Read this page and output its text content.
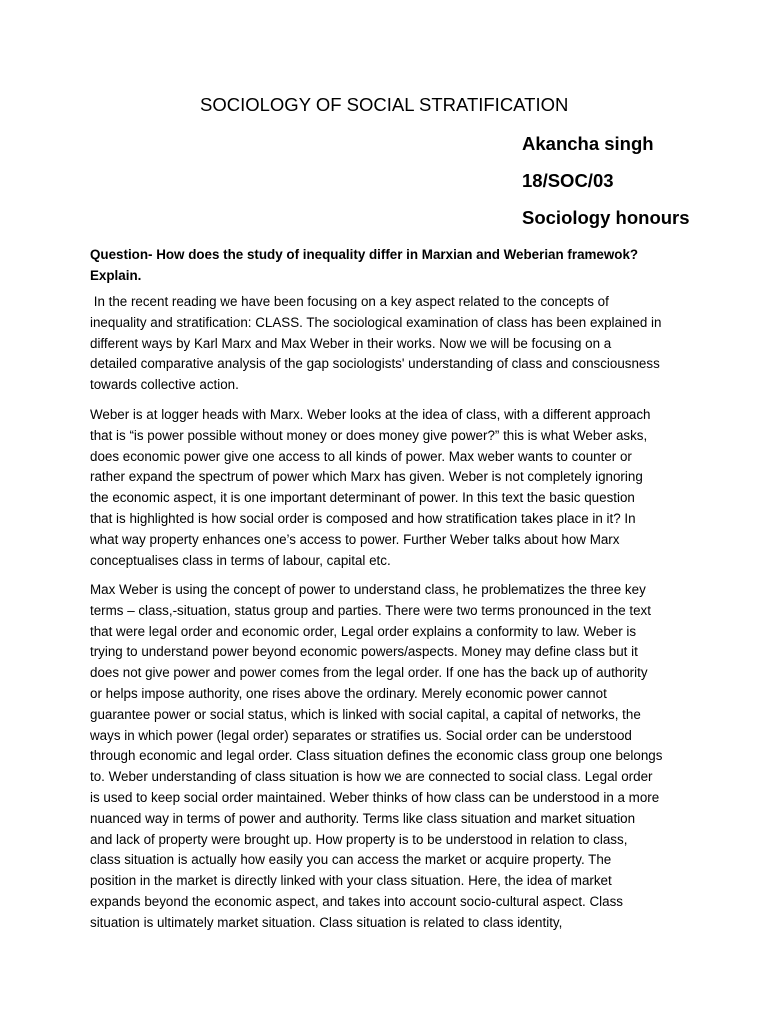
SOCIOLOGY OF SOCIAL STRATIFICATION

Akancha singh

18/SOC/03

Sociology honours

Question- How does the study of inequality differ in Marxian and Weberian framewok?
Explain.

In the recent reading we have been focusing on a key aspect related to the concepts of
inequality and stratification: CLASS. The sociological examination of class has been explained in
different ways by Karl Marx and Max Weber in their works. Now we will be focusing on a
detailed comparative analysis of the gap sociologists' understanding of class and consciousness
towards collective action.

Weber is at logger heads with Marx. Weber looks at the idea of class, with a different approach
that is “is power possible without money or does money give power?” this is what Weber asks,
does economic power give one access to all kinds of power. Max weber wants to counter or
rather expand the spectrum of power which Marx has given. Weber is not completely ignoring
the economic aspect, it is one important determinant of power. In this text the basic question
that is highlighted is how social order is composed and how stratification takes place in it? In
what way property enhances one’s access to power. Further Weber talks about how Marx
conceptualises class in terms of labour, capital etc.

Max Weber is using the concept of power to understand class, he problematizes the three key
terms – class,-situation, status group and parties. There were two terms pronounced in the text
that were legal order and economic order, Legal order explains a conformity to law. Weber is
trying to understand power beyond economic powers/aspects. Money may define class but it
does not give power and power comes from the legal order. If one has the back up of authority
or helps impose authority, one rises above the ordinary. Merely economic power cannot
guarantee power or social status, which is linked with social capital, a capital of networks, the
ways in which power (legal order) separates or stratifies us. Social order can be understood
through economic and legal order. Class situation defines the economic class group one belongs
to. Weber understanding of class situation is how we are connected to social class. Legal order
is used to keep social order maintained. Weber thinks of how class can be understood in a more
nuanced way in terms of power and authority. Terms like class situation and market situation
and lack of property were brought up. How property is to be understood in relation to class,
class situation is actually how easily you can access the market or acquire property. The
position in the market is directly linked with your class situation. Here, the idea of market
expands beyond the economic aspect, and takes into account socio-cultural aspect. Class
situation is ultimately market situation. Class situation is related to class identity,
